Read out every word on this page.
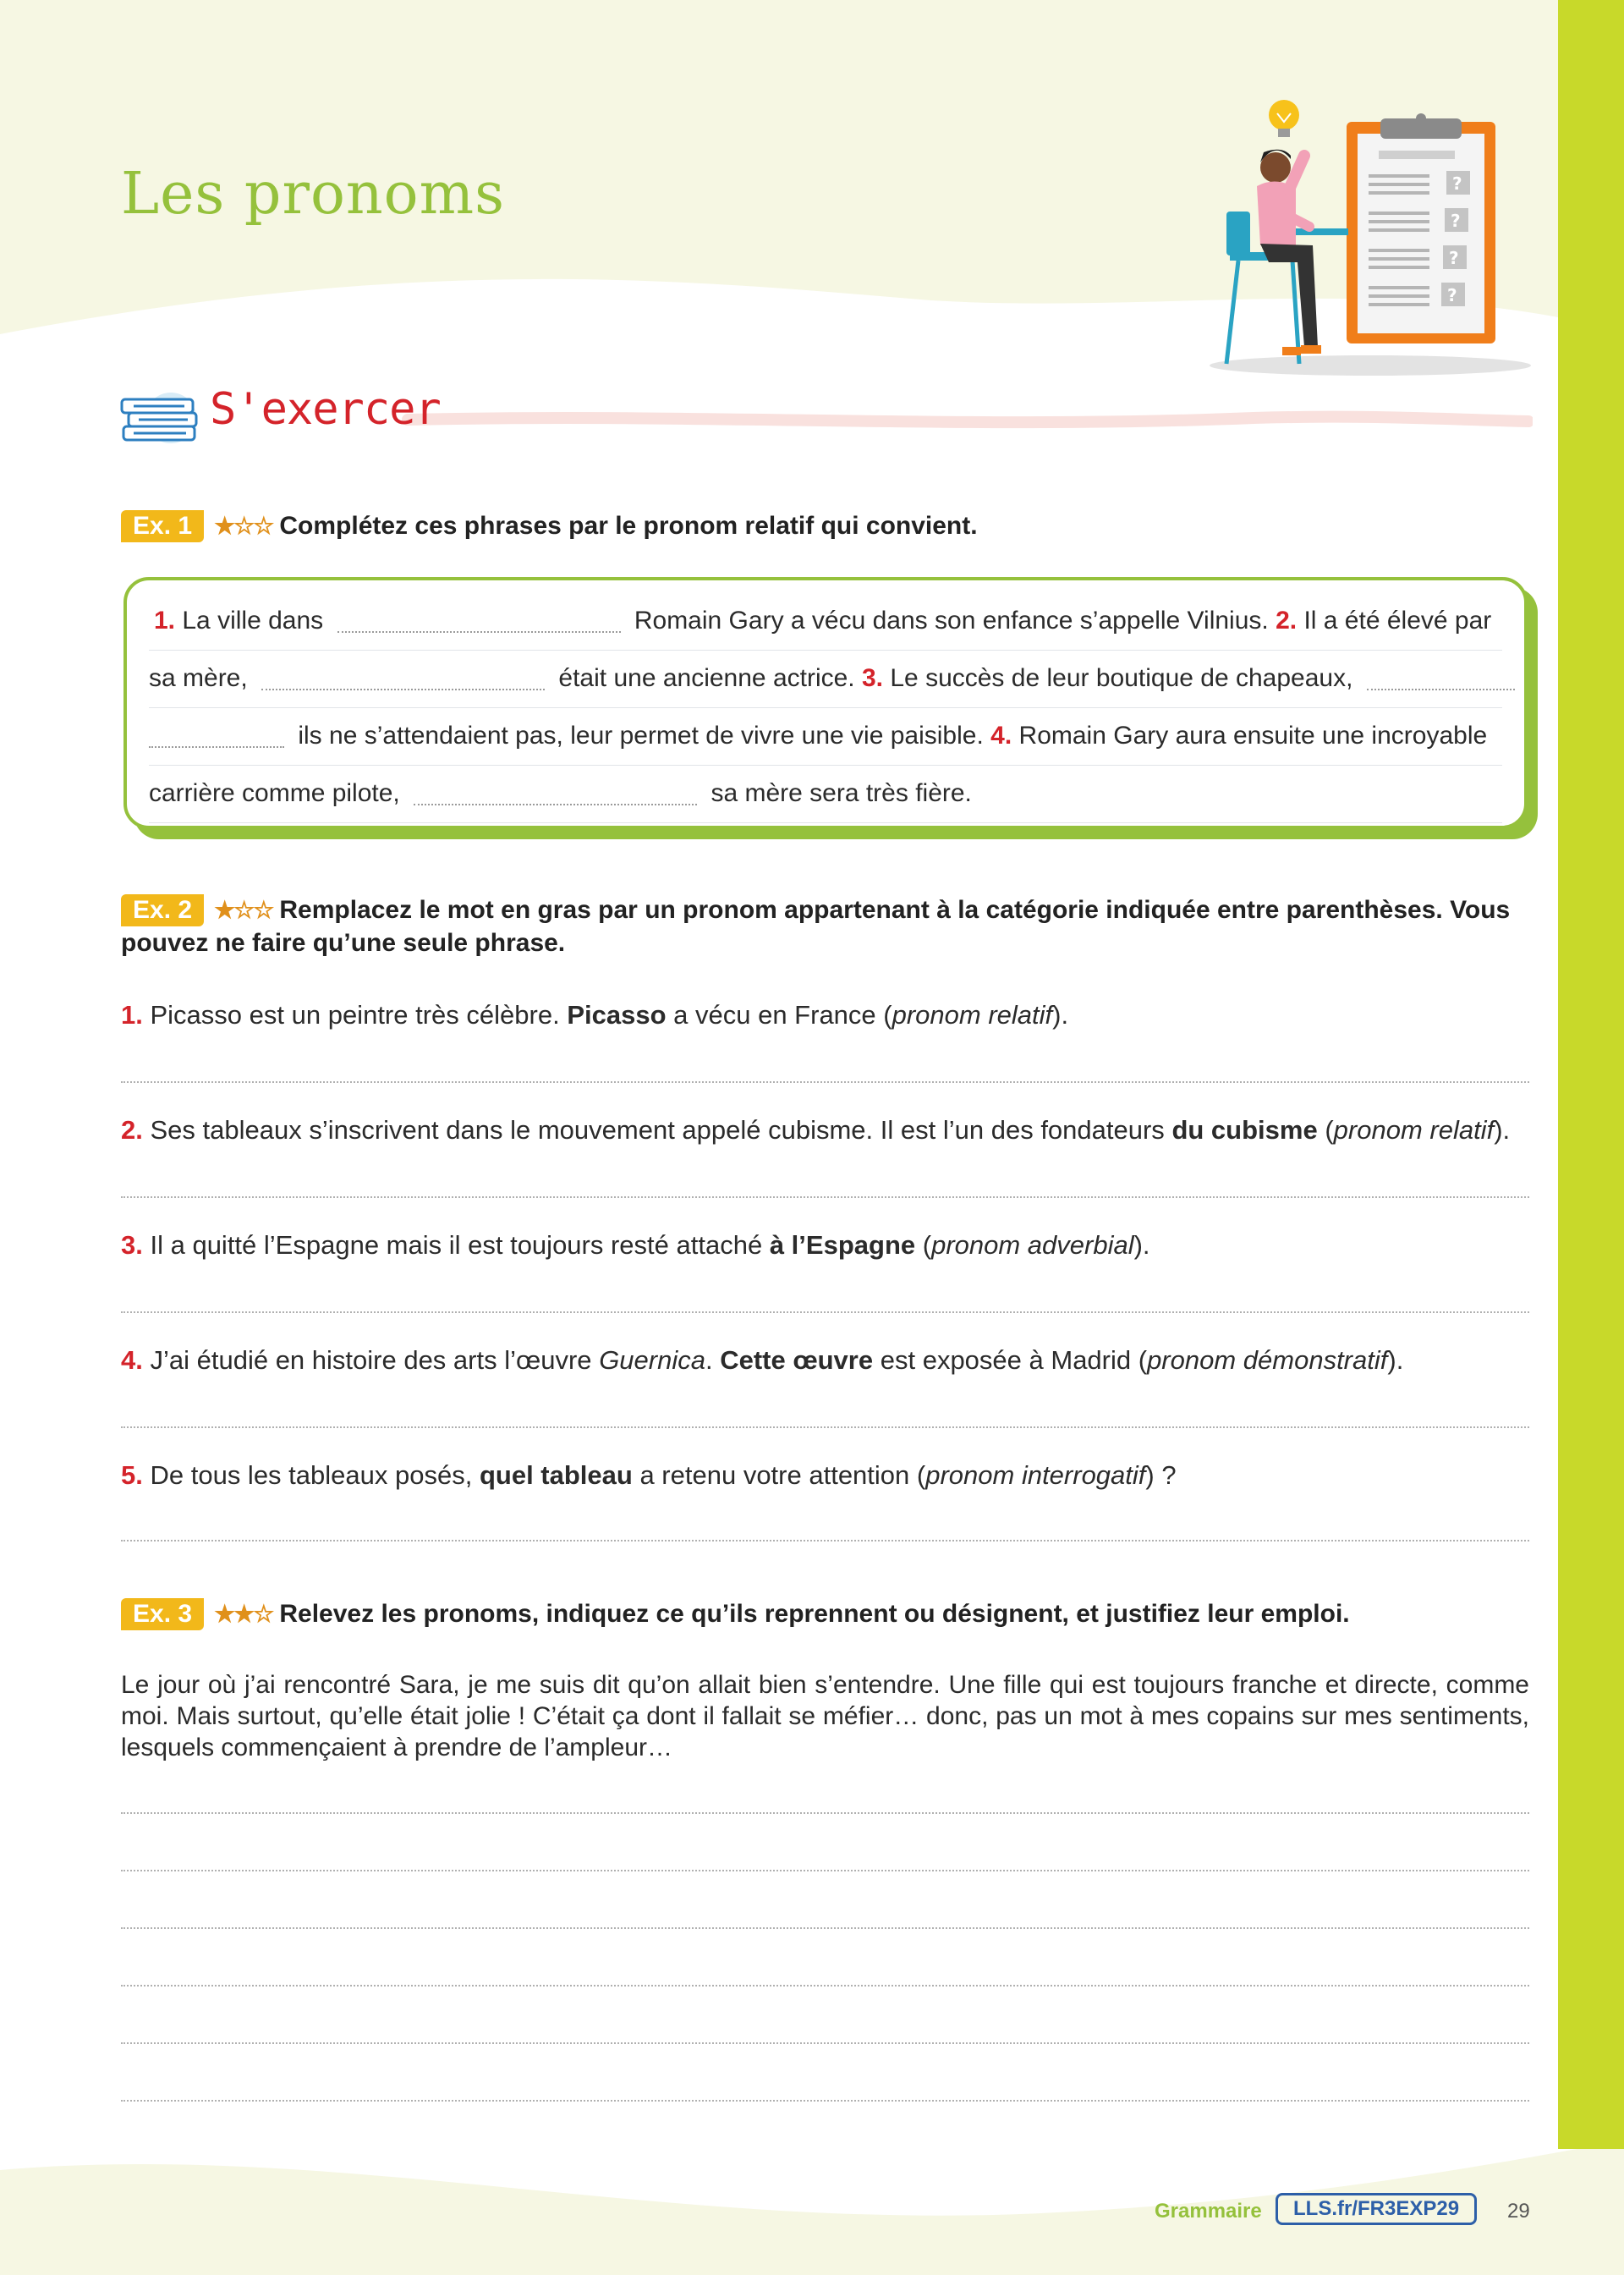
Les pronoms	?
?
?
?
S'exercer
Ex. 1 ★☆☆ Complétez ces phrases par le pronom relatif qui convient.
1. La ville dans	Romain Gary a vécu dans son enfance s’appelle Vilnius. 2. Il a été élevé par
sa mère,	était une ancienne actrice. 3. Le succès de leur boutique de chapeaux,
ils ne s’attendaient pas, leur permet de vivre une vie paisible. 4. Romain Gary aura ensuite une incroyable
carrière comme pilote,	sa mère sera très fière.
Ex. 2 ★☆☆ Remplacez le mot en gras par un pronom appartenant à la catégorie indiquée entre parenthèses. Vous pouvez ne faire qu’une seule phrase.
1. Picasso est un peintre très célèbre. Picasso a vécu en France (pronom relatif).
2. Ses tableaux s’inscrivent dans le mouvement appelé cubisme. Il est l’un des fondateurs du cubisme (pronom relatif).
3. Il a quitté l’Espagne mais il est toujours resté attaché à l’Espagne (pronom adverbial).
4. J’ai étudié en histoire des arts l’œuvre Guernica. Cette œuvre est exposée à Madrid (pronom démonstratif).
5. De tous les tableaux posés, quel tableau a retenu votre attention (pronom interrogatif) ?
Ex. 3 ★★☆ Relevez les pronoms, indiquez ce qu’ils reprennent ou désignent, et justifiez leur emploi.

Le jour où j’ai rencontré Sara, je me suis dit qu’on allait bien s’entendre. Une fille qui est toujours franche et directe, comme moi. Mais surtout, qu’elle était jolie ! C’était ça dont il fallait se méfier… donc, pas un mot à mes copains sur mes sentiments, lesquels commençaient à prendre de l’ampleur…

Grammaire	LLS.fr/FR3EXP29	29
